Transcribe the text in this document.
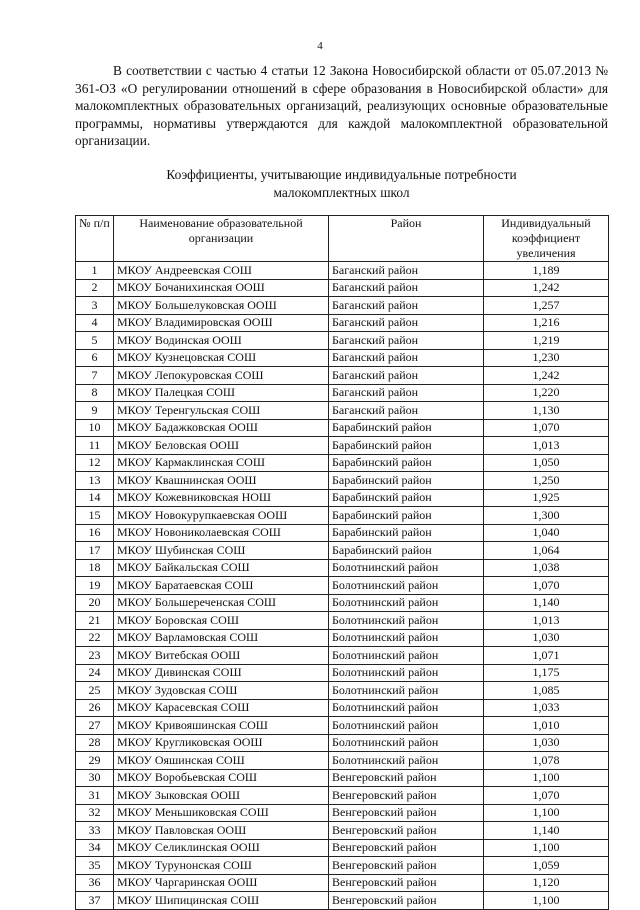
4

В соответствии с частью 4 статьи 12 Закона Новосибирской области от 05.07.2013 № 361-ОЗ «О регулировании отношений в сфере образования в Новосибирской области» для малокомплектных образовательных организаций, реализующих основные образовательные программы, нормативы утверждаются для каждой малокомплектной образовательной организации.

Коэффициенты, учитывающие индивидуальные потребности
малокомплектных школ
№ п/п	Наименование образовательной организации	Район	Индивидуальный коэффициент увеличения
1	МКОУ Андреевская СОШ	Баганский район	1,189
2	МКОУ Бочанихинская ООШ	Баганский район	1,242
3	МКОУ Большелуковская ООШ	Баганский район	1,257
4	МКОУ Владимировская ООШ	Баганский район	1,216
5	МКОУ Водинская ООШ	Баганский район	1,219
6	МКОУ Кузнецовская СОШ	Баганский район	1,230
7	МКОУ Лепокуровская СОШ	Баганский район	1,242
8	МКОУ Палецкая СОШ	Баганский район	1,220
9	МКОУ Теренгульская СОШ	Баганский район	1,130
10	МКОУ Бадажковская ООШ	Барабинский район	1,070
11	МКОУ Беловская ООШ	Барабинский район	1,013
12	МКОУ Кармаклинская СОШ	Барабинский район	1,050
13	МКОУ Квашнинская ООШ	Барабинский район	1,250
14	МКОУ Кожевниковская НОШ	Барабинский район	1,925
15	МКОУ Новокурупкаевская ООШ	Барабинский район	1,300
16	МКОУ Новониколаевская СОШ	Барабинский район	1,040
17	МКОУ Шубинская СОШ	Барабинский район	1,064
18	МКОУ Байкальская СОШ	Болотнинский район	1,038
19	МКОУ Баратаевская СОШ	Болотнинский район	1,070
20	МКОУ Большереченская СОШ	Болотнинский район	1,140
21	МКОУ Боровская СОШ	Болотнинский район	1,013
22	МКОУ Варламовская СОШ	Болотнинский район	1,030
23	МКОУ Витебская ООШ	Болотнинский район	1,071
24	МКОУ Дивинская СОШ	Болотнинский район	1,175
25	МКОУ Зудовская СОШ	Болотнинский район	1,085
26	МКОУ Карасевская СОШ	Болотнинский район	1,033
27	МКОУ Кривояшинская СОШ	Болотнинский район	1,010
28	МКОУ Кругликовская ООШ	Болотнинский район	1,030
29	МКОУ Ояшинская СОШ	Болотнинский район	1,078
30	МКОУ Воробьевская СОШ	Венгеровский район	1,100
31	МКОУ Зыковская ООШ	Венгеровский район	1,070
32	МКОУ Меньшиковская СОШ	Венгеровский район	1,100
33	МКОУ Павловская ООШ	Венгеровский район	1,140
34	МКОУ Селиклинская ООШ	Венгеровский район	1,100
35	МКОУ Турунонская СОШ	Венгеровский район	1,059
36	МКОУ Чаргаринская ООШ	Венгеровский район	1,120
37	МКОУ Шипицинская СОШ	Венгеровский район	1,100
